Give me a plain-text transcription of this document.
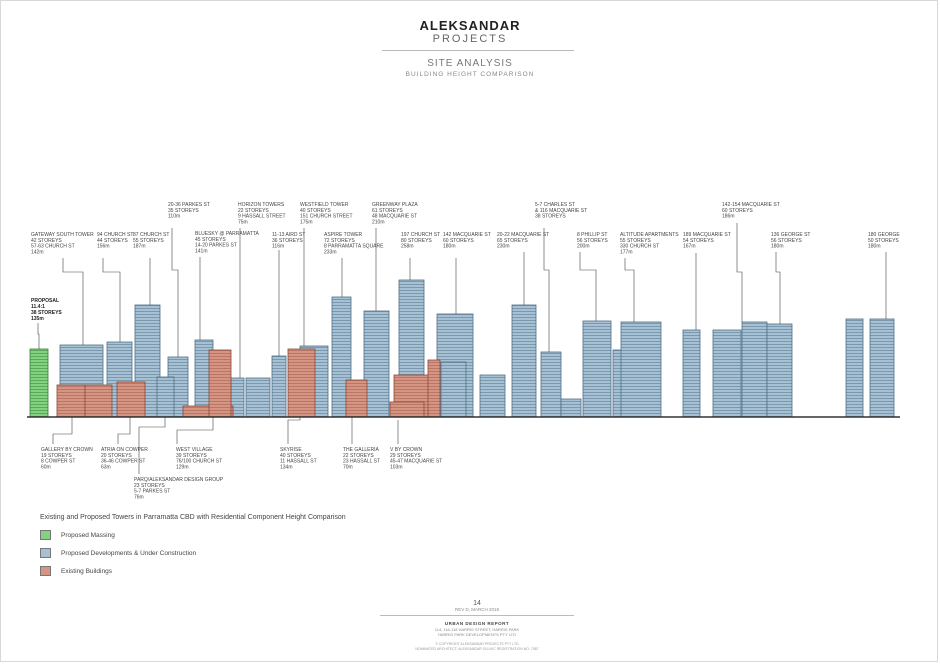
ALEKSANDAR
PROJECTS
SITE ANALYSIS
BUILDING HEIGHT COMPARISON
GATEWAY SOUTH TOWER 42 STOREYS 57-63 CHURCH ST 142m
94 CHURCH ST 44 STOREYS 156m
87 CHURCH ST 55 STOREYS 187m
20-36 PARKES ST 35 STOREYS 110m
BLUESKY @ PARRAMATTA 45 STOREYS 14-20 PARKES ST 141m
HORIZON TOWERS 22 STOREYS 9 HASSALL STREET 75m
11-13 AIRD ST 36 STOREYS 116m
WESTFIELD TOWER 40 STOREYS 151 CHURCH STREET 175m
ASPIRE TOWER 72 STOREYS 8 PARRAMATTA SQUARE 233m
GREENWAY PLAZA 61 STOREYS 48 MACQUARIE ST 210m
197 CHURCH ST 80 STOREYS 258m
142 MACQUARIE ST 60 STOREYS 180m
20-22 MACQUARIE ST 65 STOREYS 230m
5-7 CHARLES ST & 116 MACQUARIE ST 38 STOREYS
8 PHILLIP ST 56 STOREYS 200m
ALTITUDE APARTMENTS 55 STOREYS 330 CHURCH ST 177m
189 MACQUARIE ST 54 STOREYS 167m
142-154 MACQUARIE ST 60 STOREYS 186m
136 GEORGE ST 56 STOREYS 180m
180 GEORGE 50 STOREYS 180m
PROPOSAL 11.4:1 38 STOREYS 135m
GALLERY BY CROWN 19 STOREYS 8 COWPER ST 60m
ATRIA ON COWPER 20 STOREYS 36-46 COWPER ST 63m
PARQ/ALEKSANDAR DESIGN GROUP 23 STOREYS 5-7 PARKES ST 76m
WEST VILLAGE 39 STOREYS 76/100 CHURCH ST 129m
SKYRISE 40 STOREYS 11 HASSALL ST 134m
THE GALLERIA 22 STOREYS 23 HASSALL ST 70m
V BY CROWN 29 STOREYS 45-47 MACQUARIE ST 103m
Existing and Proposed Towers in Parramatta CBD with Residential Component Height Comparison
Proposed Massing
Proposed Developments & Under Construction
Existing Buildings
14
REV D, MARCH 2018
URBAN DESIGN REPORT
114, 116-118 HARRIS STREET, HARRIS PARK
HARRIS PARK DEVELOPMENTS PTY LTD
© COPYRIGHT ALEKSANDAR PROJECTS PTY LTD
NOMINATED ARCHITECT: ALEKSANDAR GLUVIC REGISTRATION NO. 7587
